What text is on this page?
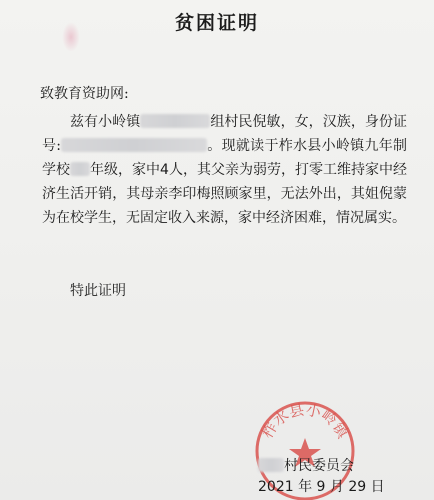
贫困证明
致教育资助网:
兹有小岭镇	组村民倪敏，女，汉族，身份证号:	。现就读于柞水县小岭镇九年制学校 年级，家中4人，其父亲为弱劳，打零工维持家中经济生活开销，其母亲李印梅照顾家里，无法外出，其姐倪蒙为在校学生，无固定收入来源，家中经济困难，情况属实。
特此证明
柞水县小岭镇
村民委员会
2021 年 9 月 29 日
